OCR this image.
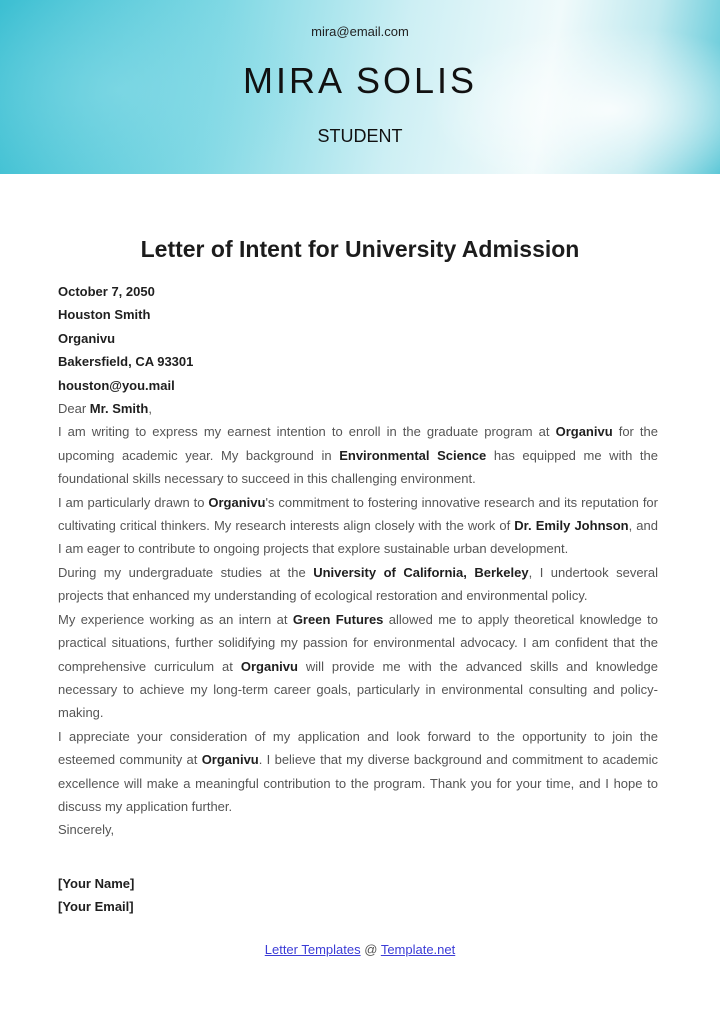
mira@email.com
MIRA SOLIS
STUDENT
Letter of Intent for University Admission
October 7, 2050
Houston Smith
Organivu
Bakersfield, CA 93301
houston@you.mail

Dear Mr. Smith,

I am writing to express my earnest intention to enroll in the graduate program at Organivu for the upcoming academic year. My background in Environmental Science has equipped me with the foundational skills necessary to succeed in this challenging environment.

I am particularly drawn to Organivu's commitment to fostering innovative research and its reputation for cultivating critical thinkers. My research interests align closely with the work of Dr. Emily Johnson, and I am eager to contribute to ongoing projects that explore sustainable urban development.

During my undergraduate studies at the University of California, Berkeley, I undertook several projects that enhanced my understanding of ecological restoration and environmental policy.

My experience working as an intern at Green Futures allowed me to apply theoretical knowledge to practical situations, further solidifying my passion for environmental advocacy. I am confident that the comprehensive curriculum at Organivu will provide me with the advanced skills and knowledge necessary to achieve my long-term career goals, particularly in environmental consulting and policy-making.

I appreciate your consideration of my application and look forward to the opportunity to join the esteemed community at Organivu. I believe that my diverse background and commitment to academic excellence will make a meaningful contribution to the program. Thank you for your time, and I hope to discuss my application further.

Sincerely,

[Your Name]
[Your Email]
Letter Templates @ Template.net
